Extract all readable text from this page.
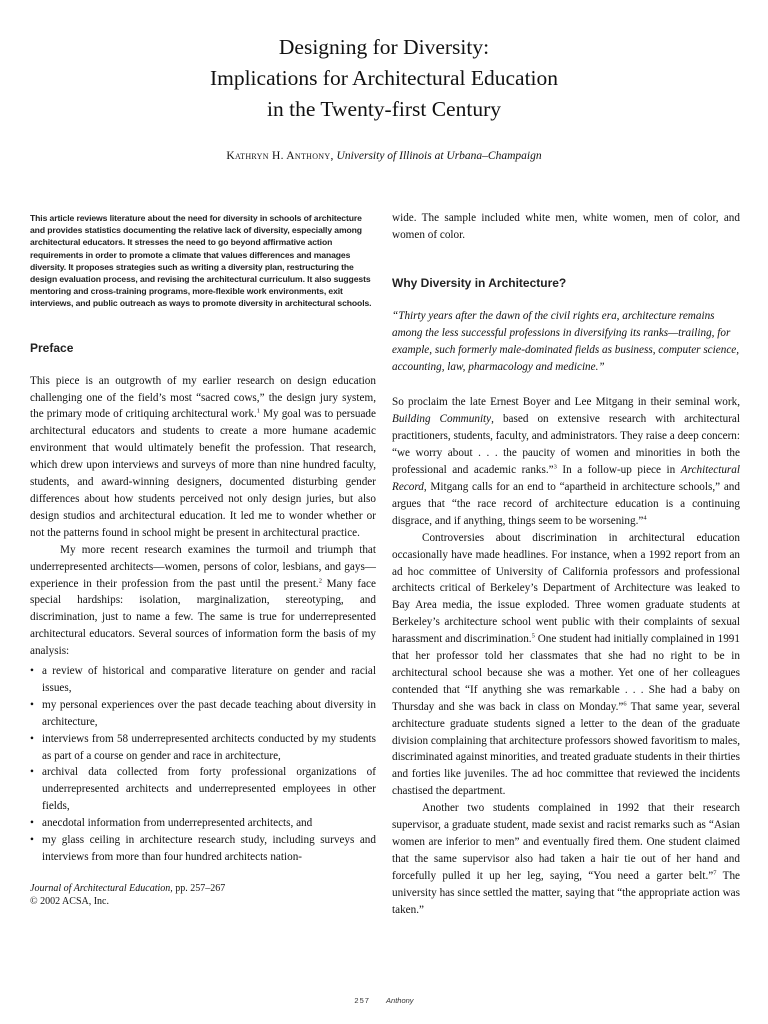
Designing for Diversity:
Implications for Architectural Education
in the Twenty-first Century
Kathryn H. Anthony, University of Illinois at Urbana–Champaign

This article reviews literature about the need for diversity in schools of architecture and provides statistics documenting the relative lack of diversity, especially among architectural educators. It stresses the need to go beyond affirmative action requirements in order to promote a climate that values differences and manages diversity. It proposes strategies such as writing a diversity plan, restructuring the design evaluation process, and revising the architectural curriculum. It also suggests mentoring and cross-training programs, more-flexible work environments, exit interviews, and public outreach as ways to promote diversity in architectural schools.

Preface

This piece is an outgrowth of my earlier research on design education challenging one of the field’s most “sacred cows,” the design jury system, the primary mode of critiquing architectural work.$^1$ My goal was to persuade architectural educators and students to create a more humane academic environment that would ultimately benefit the profession. That research, which drew upon interviews and surveys of more than nine hundred faculty, students, and award-winning designers, documented disturbing gender differences about how students perceived not only design juries, but also design studios and architectural education. It led me to wonder whether or not the patterns found in school might be present in architectural practice.

My more recent research examines the turmoil and triumph that underrepresented architects—women, persons of color, lesbians, and gays—experience in their profession from the past until the present.$^2$ Many face special hardships: isolation, marginalization, stereotyping, and discrimination, just to name a few. The same is true for underrepresented architectural educators. Several sources of information form the basis of my analysis:

• a review of historical and comparative literature on gender and racial issues,
• my personal experiences over the past decade teaching about diversity in architecture,
• interviews from 58 underrepresented architects conducted by my students as part of a course on gender and race in architecture,
• archival data collected from forty professional organizations of underrepresented architects and underrepresented employees in other fields,
• anecdotal information from underrepresented architects, and
• my glass ceiling in architecture research study, including surveys and interviews from more than four hundred architects nation-
Journal of Architectural Education, pp. 257–267
© 2002 ACSA, Inc.

wide. The sample included white men, white women, men of color, and women of color.

Why Diversity in Architecture?

“Thirty years after the dawn of the civil rights era, architecture remains among the less successful professions in diversifying its ranks—trailing, for example, such formerly male-dominated fields as business, computer science, accounting, law, pharmacology and medicine.”

So proclaim the late Ernest Boyer and Lee Mitgang in their seminal work, Building Community, based on extensive research with architectural practitioners, students, faculty, and administrators. They raise a deep concern: “we worry about . . . the paucity of women and minorities in both the professional and academic ranks.”$^3$ In a follow-up piece in Architectural Record, Mitgang calls for an end to “apartheid in architecture schools,” and argues that “the race record of architecture education is a continuing disgrace, and if anything, things seem to be worsening.”$^4$

Controversies about discrimination in architectural education occasionally have made headlines. For instance, when a 1992 report from an ad hoc committee of University of California professors and professional architects critical of Berkeley’s Department of Architecture was leaked to Bay Area media, the issue exploded. Three women graduate students at Berkeley’s architecture school went public with their complaints of sexual harassment and discrimination.$^5$ One student had initially complained in 1991 that her professor told her classmates that she had no right to be in architectural school because she was a mother. Yet one of her colleagues contended that “If anything she was remarkable . . . She had a baby on Thursday and she was back in class on Monday.”$^6$ That same year, several architecture graduate students signed a letter to the dean of the graduate division complaining that architecture professors showed favoritism to males, discriminated against minorities, and treated graduate students in their thirties and forties like juveniles. The ad hoc committee that reviewed the incidents chastised the department.

Another two students complained in 1992 that their research supervisor, a graduate student, made sexist and racist remarks such as “Asian women are inferior to men” and eventually fired them. One student claimed that the same supervisor also had taken a hair tie out of her hand and forcefully pulled it up her leg, saying, “You need a garter belt.”$^7$ The university has since settled the matter, saying that “the appropriate action was taken.”

257 Anthony
